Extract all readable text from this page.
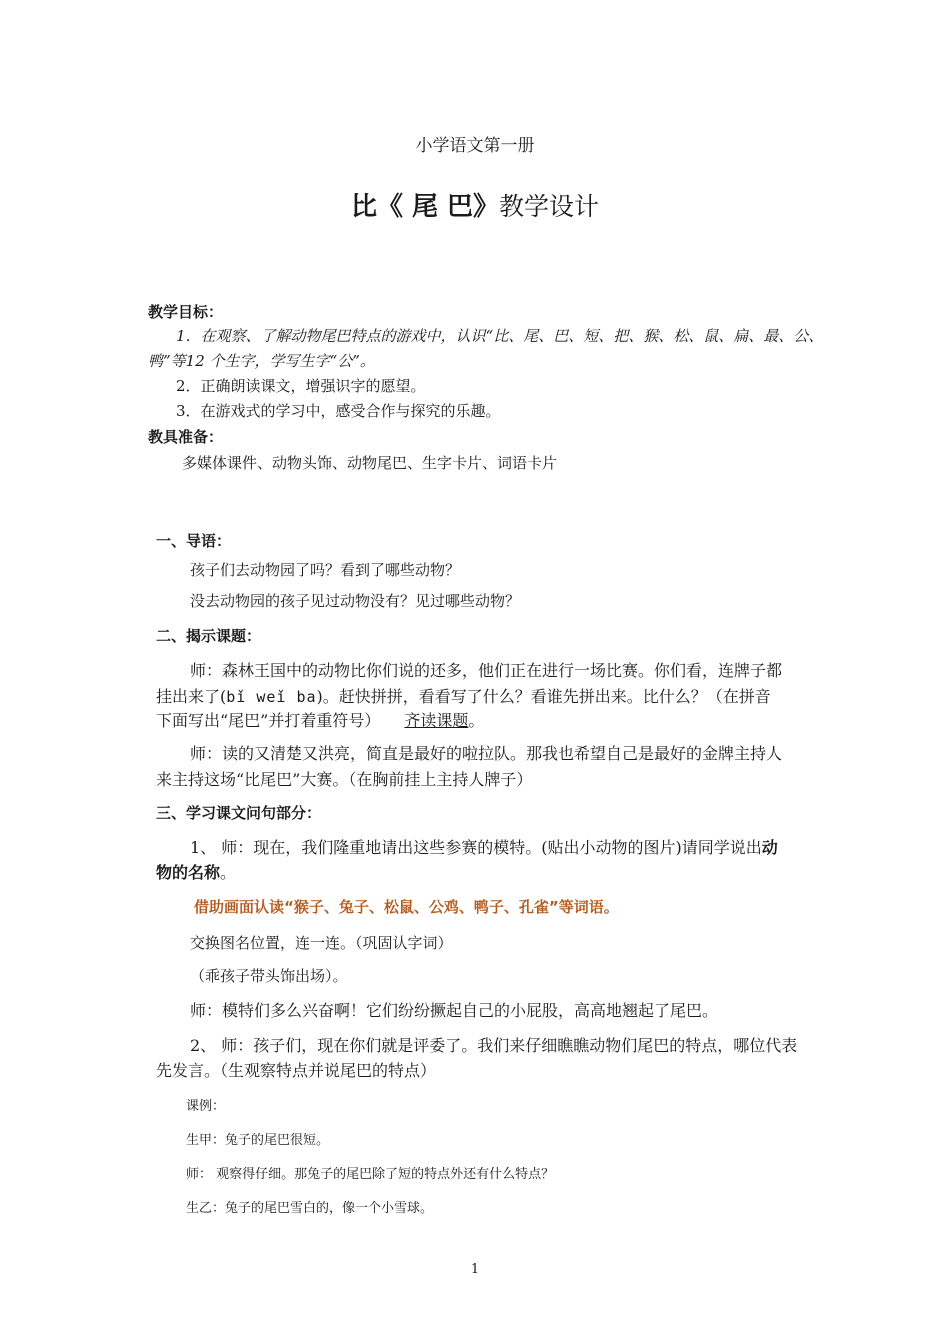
小学语文第一册
比《 尾 巴》教学设计
教学目标：
1．在观察、了解动物尾巴特点的游戏中，认识“比、尾、巴、短、把、猴、松、鼠、扁、最、公、
鸭”等12 个生字，学写生字“公”。
2．正确朗读课文，增强识字的愿望。
3．在游戏式的学习中，感受合作与探究的乐趣。
教具准备：
多媒体课件、动物头饰、动物尾巴、生字卡片、词语卡片
一、导语：
孩子们去动物园了吗？看到了哪些动物？
没去动物园的孩子见过动物没有？见过哪些动物？
二、揭示课题：
师：森林王国中的动物比你们说的还多，他们正在进行一场比赛。你们看，连牌子都
挂出来了(bǐ weǐ ba)。赶快拼拼，看看写了什么？看谁先拼出来。比什么？（在拼音
下面写出“尾巴”并打着重符号） 齐读课题。
师：读的又清楚又洪亮，简直是最好的啦拉队。那我也希望自己是最好的金牌主持人
来主持这场“比尾巴”大赛。（在胸前挂上主持人牌子）
三、学习课文问句部分：
1、 师：现在，我们隆重地请出这些参赛的模特。(贴出小动物的图片)请同学说出动
物的名称。
借助画面认读“猴子、兔子、松鼠、公鸡、鸭子、孔雀”等词语。
交换图名位置，连一连。（巩固认字词）
（乖孩子带头饰出场）。
师：模特们多么兴奋啊！它们纷纷撅起自己的小屁股，高高地翘起了尾巴。
2、 师：孩子们，现在你们就是评委了。我们来仔细瞧瞧动物们尾巴的特点，哪位代表
先发言。（生观察特点并说尾巴的特点）
课例：
生甲：兔子的尾巴很短。
师： 观察得仔细。那兔子的尾巴除了短的特点外还有什么特点？
生乙：兔子的尾巴雪白的，像一个小雪球。
1
